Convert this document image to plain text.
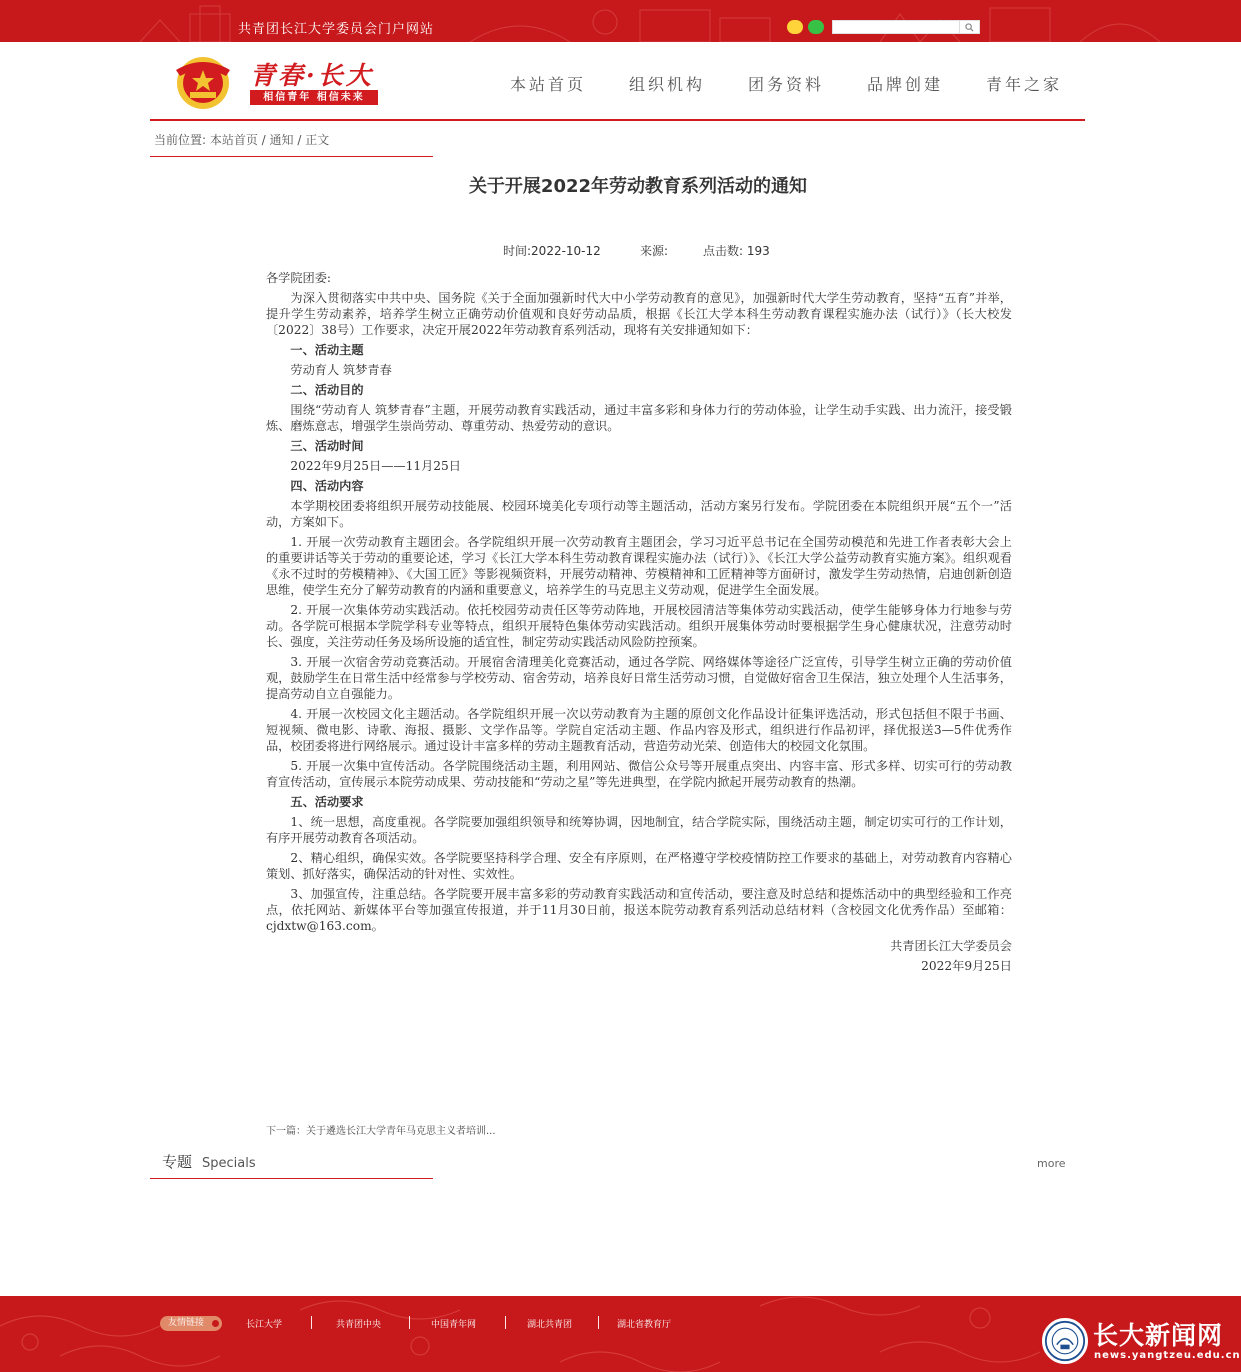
共青团长江大学委员会门户网站
青春·长大
相信青年 相信未来
本站首页	组织机构	团务资料	品牌创建	青年之家
当前位置: 本站首页 / 通知 / 正文
关于开展2022年劳动教育系列活动的通知
时间:2022-10-12	来源:	点击数: 193

各学院团委:

为深入贯彻落实中共中央、国务院《关于全面加强新时代大中小学劳动教育的意见》，加强新时代大学生劳动教育，坚持“五育”并举，提升学生劳动素养，培养学生树立正确劳动价值观和良好劳动品质，根据《长江大学本科生劳动教育课程实施办法（试行）》（长大校发〔2022〕38号）工作要求，决定开展2022年劳动教育系列活动，现将有关安排通知如下：

一、活动主题

劳动育人 筑梦青春

二、活动目的

围绕“劳动育人 筑梦青春”主题，开展劳动教育实践活动，通过丰富多彩和身体力行的劳动体验，让学生动手实践、出力流汗，接受锻炼、磨炼意志，增强学生崇尚劳动、尊重劳动、热爱劳动的意识。

三、活动时间

2022年9月25日——11月25日

四、活动内容

本学期校团委将组织开展劳动技能展、校园环境美化专项行动等主题活动，活动方案另行发布。学院团委在本院组织开展“五个一”活动，方案如下。

1. 开展一次劳动教育主题团会。各学院组织开展一次劳动教育主题团会，学习习近平总书记在全国劳动模范和先进工作者表彰大会上的重要讲话等关于劳动的重要论述，学习《长江大学本科生劳动教育课程实施办法（试行）》、《长江大学公益劳动教育实施方案》。组织观看《永不过时的劳模精神》、《大国工匠》等影视频资料，开展劳动精神、劳模精神和工匠精神等方面研讨，激发学生劳动热情，启迪创新创造思维，使学生充分了解劳动教育的内涵和重要意义，培养学生的马克思主义劳动观，促进学生全面发展。

2. 开展一次集体劳动实践活动。依托校园劳动责任区等劳动阵地，开展校园清洁等集体劳动实践活动，使学生能够身体力行地参与劳动。各学院可根据本学院学科专业等特点，组织开展特色集体劳动实践活动。组织开展集体劳动时要根据学生身心健康状况，注意劳动时长、强度，关注劳动任务及场所设施的适宜性，制定劳动实践活动风险防控预案。

3. 开展一次宿舍劳动竞赛活动。开展宿舍清理美化竞赛活动，通过各学院、网络媒体等途径广泛宣传，引导学生树立正确的劳动价值观，鼓励学生在日常生活中经常参与学校劳动、宿舍劳动，培养良好日常生活劳动习惯，自觉做好宿舍卫生保洁，独立处理个人生活事务，提高劳动自立自强能力。

4. 开展一次校园文化主题活动。各学院组织开展一次以劳动教育为主题的原创文化作品设计征集评选活动，形式包括但不限于书画、短视频、微电影、诗歌、海报、摄影、文学作品等。学院自定活动主题、作品内容及形式，组织进行作品初评，择优报送3—5件优秀作品，校团委将进行网络展示。通过设计丰富多样的劳动主题教育活动，营造劳动光荣、创造伟大的校园文化氛围。

5. 开展一次集中宣传活动。各学院围绕活动主题，利用网站、微信公众号等开展重点突出、内容丰富、形式多样、切实可行的劳动教育宣传活动，宣传展示本院劳动成果、劳动技能和“劳动之星”等先进典型，在学院内掀起开展劳动教育的热潮。

五、活动要求

1、统一思想，高度重视。各学院要加强组织领导和统筹协调，因地制宜，结合学院实际，围绕活动主题，制定切实可行的工作计划，有序开展劳动教育各项活动。

2、精心组织，确保实效。各学院要坚持科学合理、安全有序原则，在严格遵守学校疫情防控工作要求的基础上，对劳动教育内容精心策划、抓好落实，确保活动的针对性、实效性。

3、加强宣传，注重总结。各学院要开展丰富多彩的劳动教育实践活动和宣传活动，要注意及时总结和提炼活动中的典型经验和工作亮点，依托网站、新媒体平台等加强宣传报道，并于11月30日前，报送本院劳动教育系列活动总结材料（含校园文化优秀作品）至邮箱：cjdxtw@163.com。

共青团长江大学委员会

2022年9月25日

下一篇：关于遴选长江大学青年马克思主义者培训...
专题 Specials	more
友情链接	长江大学	共青团中央	中国青年网	湖北共青团	湖北省教育厅	长大新闻网
news.yangtzeu.edu.cn
